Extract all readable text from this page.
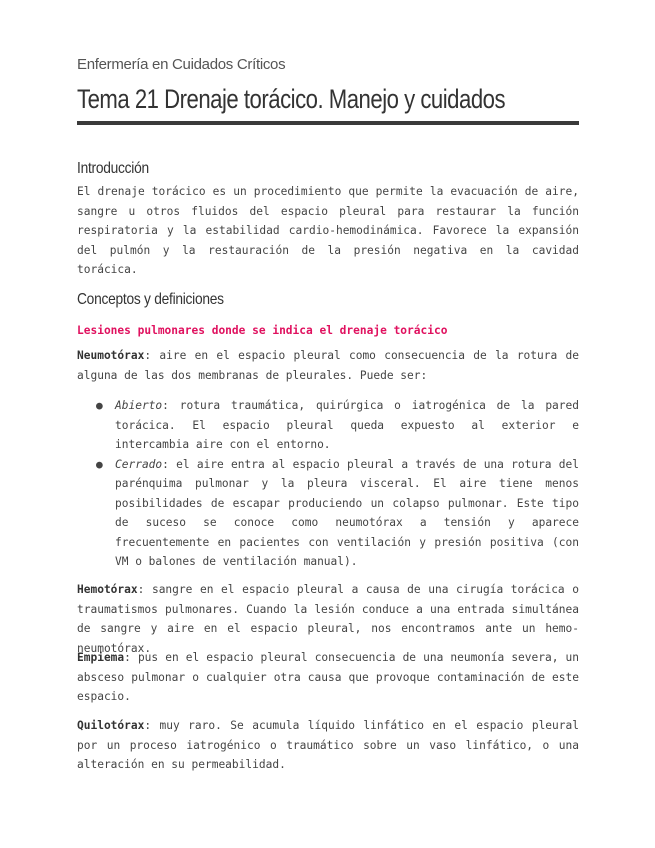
Enfermería en Cuidados Críticos
Tema 21 Drenaje torácico. Manejo y cuidados
Introducción

El drenaje torácico es un procedimiento que permite la evacuación de aire, sangre u otros fluidos del espacio pleural para restaurar la función respiratoria y la estabilidad cardio-hemodinámica. Favorece la expansión del pulmón y la restauración de la presión negativa en la cavidad torácica.

Conceptos y definiciones
Lesiones pulmonares donde se indica el drenaje torácico

Neumotórax: aire en el espacio pleural como consecuencia de la rotura de alguna de las dos membranas de pleurales. Puede ser:

● Abierto: rotura traumática, quirúrgica o iatrogénica de la pared torácica. El espacio pleural queda expuesto al exterior e intercambia aire con el entorno.
● Cerrado: el aire entra al espacio pleural a través de una rotura del parénquima pulmonar y la pleura visceral. El aire tiene menos posibilidades de escapar produciendo un colapso pulmonar. Este tipo de suceso se conoce como neumotórax a tensión y aparece frecuentemente en pacientes con ventilación y presión positiva (con VM o balones de ventilación manual).

Hemotórax: sangre en el espacio pleural a causa de una cirugía torácica o traumatismos pulmonares. Cuando la lesión conduce a una entrada simultánea de sangre y aire en el espacio pleural, nos encontramos ante un hemo-neumotórax.

Empiema: pus en el espacio pleural consecuencia de una neumonía severa, un absceso pulmonar o cualquier otra causa que provoque contaminación de este espacio.

Quilotórax: muy raro. Se acumula líquido linfático en el espacio pleural por un proceso iatrogénico o traumático sobre un vaso linfático, o una alteración en su permeabilidad.
